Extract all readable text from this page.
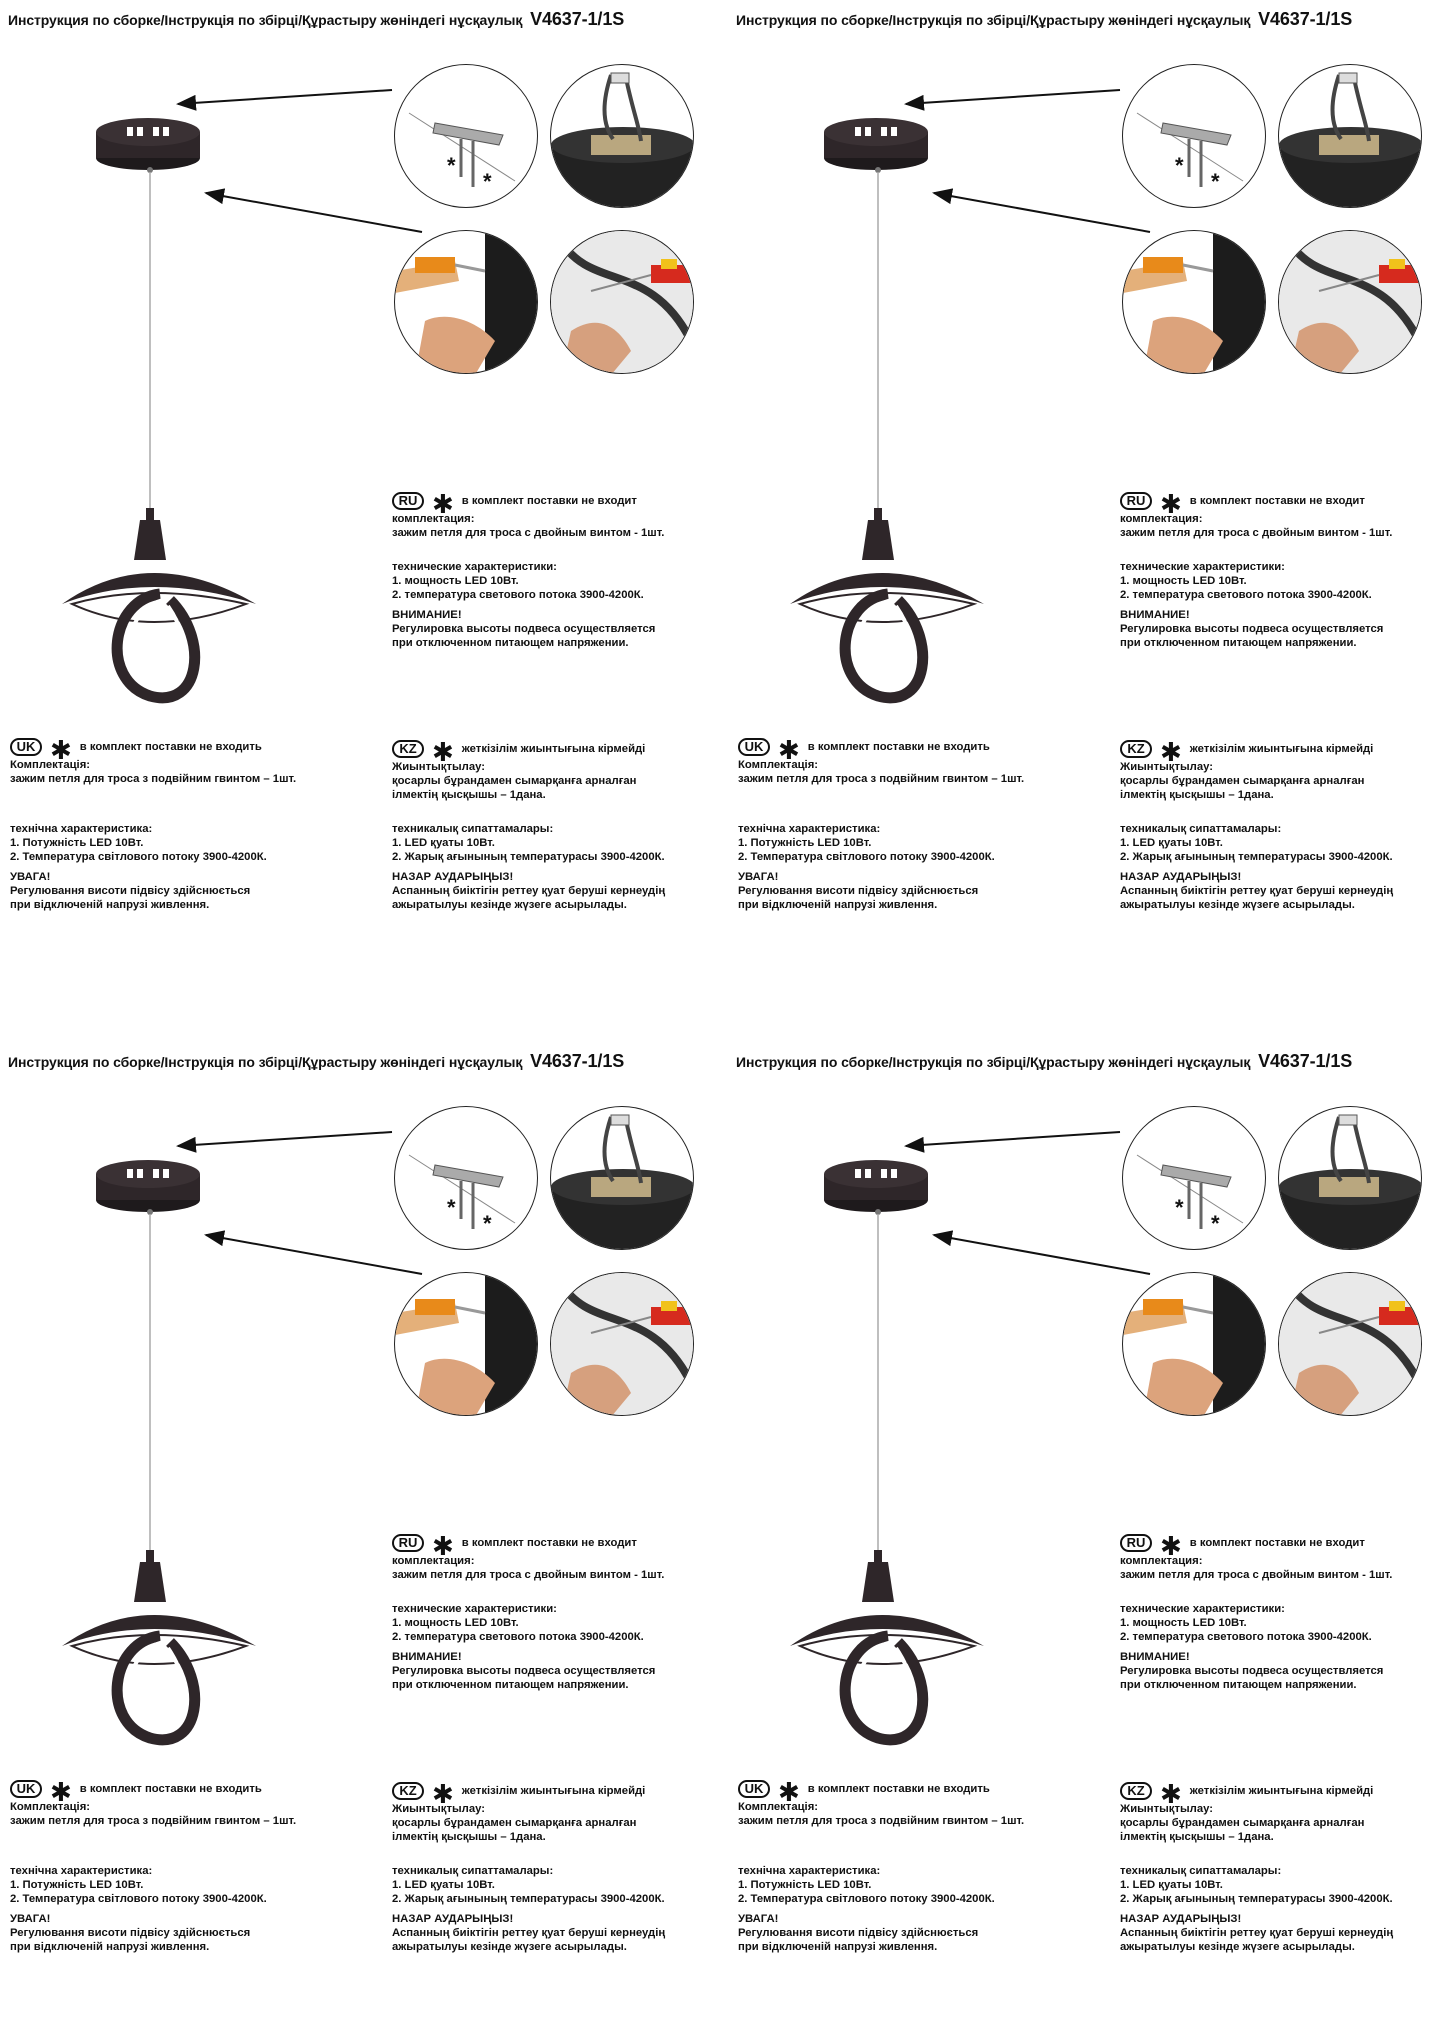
Инструкция по сборке/Інструкція по збірці/Құрастыру жөніндегі нұсқаулық V4637-1/1S
*
*
RU ✱ в комплект поставки не входит
комплектация:
зажим петля для троса с двойным винтом - 1шт.
технические характеристики:
1. мощность LED 10Вт.
2. температура светового потока 3900-4200К.
ВНИМАНИЕ!
Регулировка высоты подвеса осуществляется
при отключенном питающем напряжении.
UK ✱ в комплект поставки не входить
Комплектація:
зажим петля для троса з подвійним гвинтом – 1шт.
технічна характеристика:
1. Потужність LED 10Вт.
2. Температура світлового потоку 3900-4200К.
УВАГА!
Регулювання висоти підвісу здійснюється
при відключеній напрузі живлення.
KZ ✱ жеткізілім жиынтығына кірмейді
Жиынтықтылау:
қосарлы бұрандамен сымарқанға арналған
ілмектің қысқышы – 1дана.
техникалық сипаттамалары:
1. LED қуаты 10Вт.
2. Жарық ағынының температурасы 3900-4200К.
НАЗАР АУДАРЫҢЫЗ!
Аспанның биіктігін реттеу қуат беруші кернеудің
ажыратылуы кезінде жүзеге асырылады.
Инструкция по сборке/Інструкція по збірці/Құрастыру жөніндегі нұсқаулық V4637-1/1S
*
*
RU ✱ в комплект поставки не входит
комплектация:
зажим петля для троса с двойным винтом - 1шт.
технические характеристики:
1. мощность LED 10Вт.
2. температура светового потока 3900-4200К.
ВНИМАНИЕ!
Регулировка высоты подвеса осуществляется
при отключенном питающем напряжении.
UK ✱ в комплект поставки не входить
Комплектація:
зажим петля для троса з подвійним гвинтом – 1шт.
технічна характеристика:
1. Потужність LED 10Вт.
2. Температура світлового потоку 3900-4200К.
УВАГА!
Регулювання висоти підвісу здійснюється
при відключеній напрузі живлення.
KZ ✱ жеткізілім жиынтығына кірмейді
Жиынтықтылау:
қосарлы бұрандамен сымарқанға арналған
ілмектің қысқышы – 1дана.
техникалық сипаттамалары:
1. LED қуаты 10Вт.
2. Жарық ағынының температурасы 3900-4200К.
НАЗАР АУДАРЫҢЫЗ!
Аспанның биіктігін реттеу қуат беруші кернеудің
ажыратылуы кезінде жүзеге асырылады.
Инструкция по сборке/Інструкція по збірці/Құрастыру жөніндегі нұсқаулық V4637-1/1S
*
*
RU ✱ в комплект поставки не входит
комплектация:
зажим петля для троса с двойным винтом - 1шт.
технические характеристики:
1. мощность LED 10Вт.
2. температура светового потока 3900-4200К.
ВНИМАНИЕ!
Регулировка высоты подвеса осуществляется
при отключенном питающем напряжении.
UK ✱ в комплект поставки не входить
Комплектація:
зажим петля для троса з подвійним гвинтом – 1шт.
технічна характеристика:
1. Потужність LED 10Вт.
2. Температура світлового потоку 3900-4200К.
УВАГА!
Регулювання висоти підвісу здійснюється
при відключеній напрузі живлення.
KZ ✱ жеткізілім жиынтығына кірмейді
Жиынтықтылау:
қосарлы бұрандамен сымарқанға арналған
ілмектің қысқышы – 1дана.
техникалық сипаттамалары:
1. LED қуаты 10Вт.
2. Жарық ағынының температурасы 3900-4200К.
НАЗАР АУДАРЫҢЫЗ!
Аспанның биіктігін реттеу қуат беруші кернеудің
ажыратылуы кезінде жүзеге асырылады.
Инструкция по сборке/Інструкція по збірці/Құрастыру жөніндегі нұсқаулық V4637-1/1S
*
*
RU ✱ в комплект поставки не входит
комплектация:
зажим петля для троса с двойным винтом - 1шт.
технические характеристики:
1. мощность LED 10Вт.
2. температура светового потока 3900-4200К.
ВНИМАНИЕ!
Регулировка высоты подвеса осуществляется
при отключенном питающем напряжении.
UK ✱ в комплект поставки не входить
Комплектація:
зажим петля для троса з подвійним гвинтом – 1шт.
технічна характеристика:
1. Потужність LED 10Вт.
2. Температура світлового потоку 3900-4200К.
УВАГА!
Регулювання висоти підвісу здійснюється
при відключеній напрузі живлення.
KZ ✱ жеткізілім жиынтығына кірмейді
Жиынтықтылау:
қосарлы бұрандамен сымарқанға арналған
ілмектің қысқышы – 1дана.
техникалық сипаттамалары:
1. LED қуаты 10Вт.
2. Жарық ағынының температурасы 3900-4200К.
НАЗАР АУДАРЫҢЫЗ!
Аспанның биіктігін реттеу қуат беруші кернеудің
ажыратылуы кезінде жүзеге асырылады.
